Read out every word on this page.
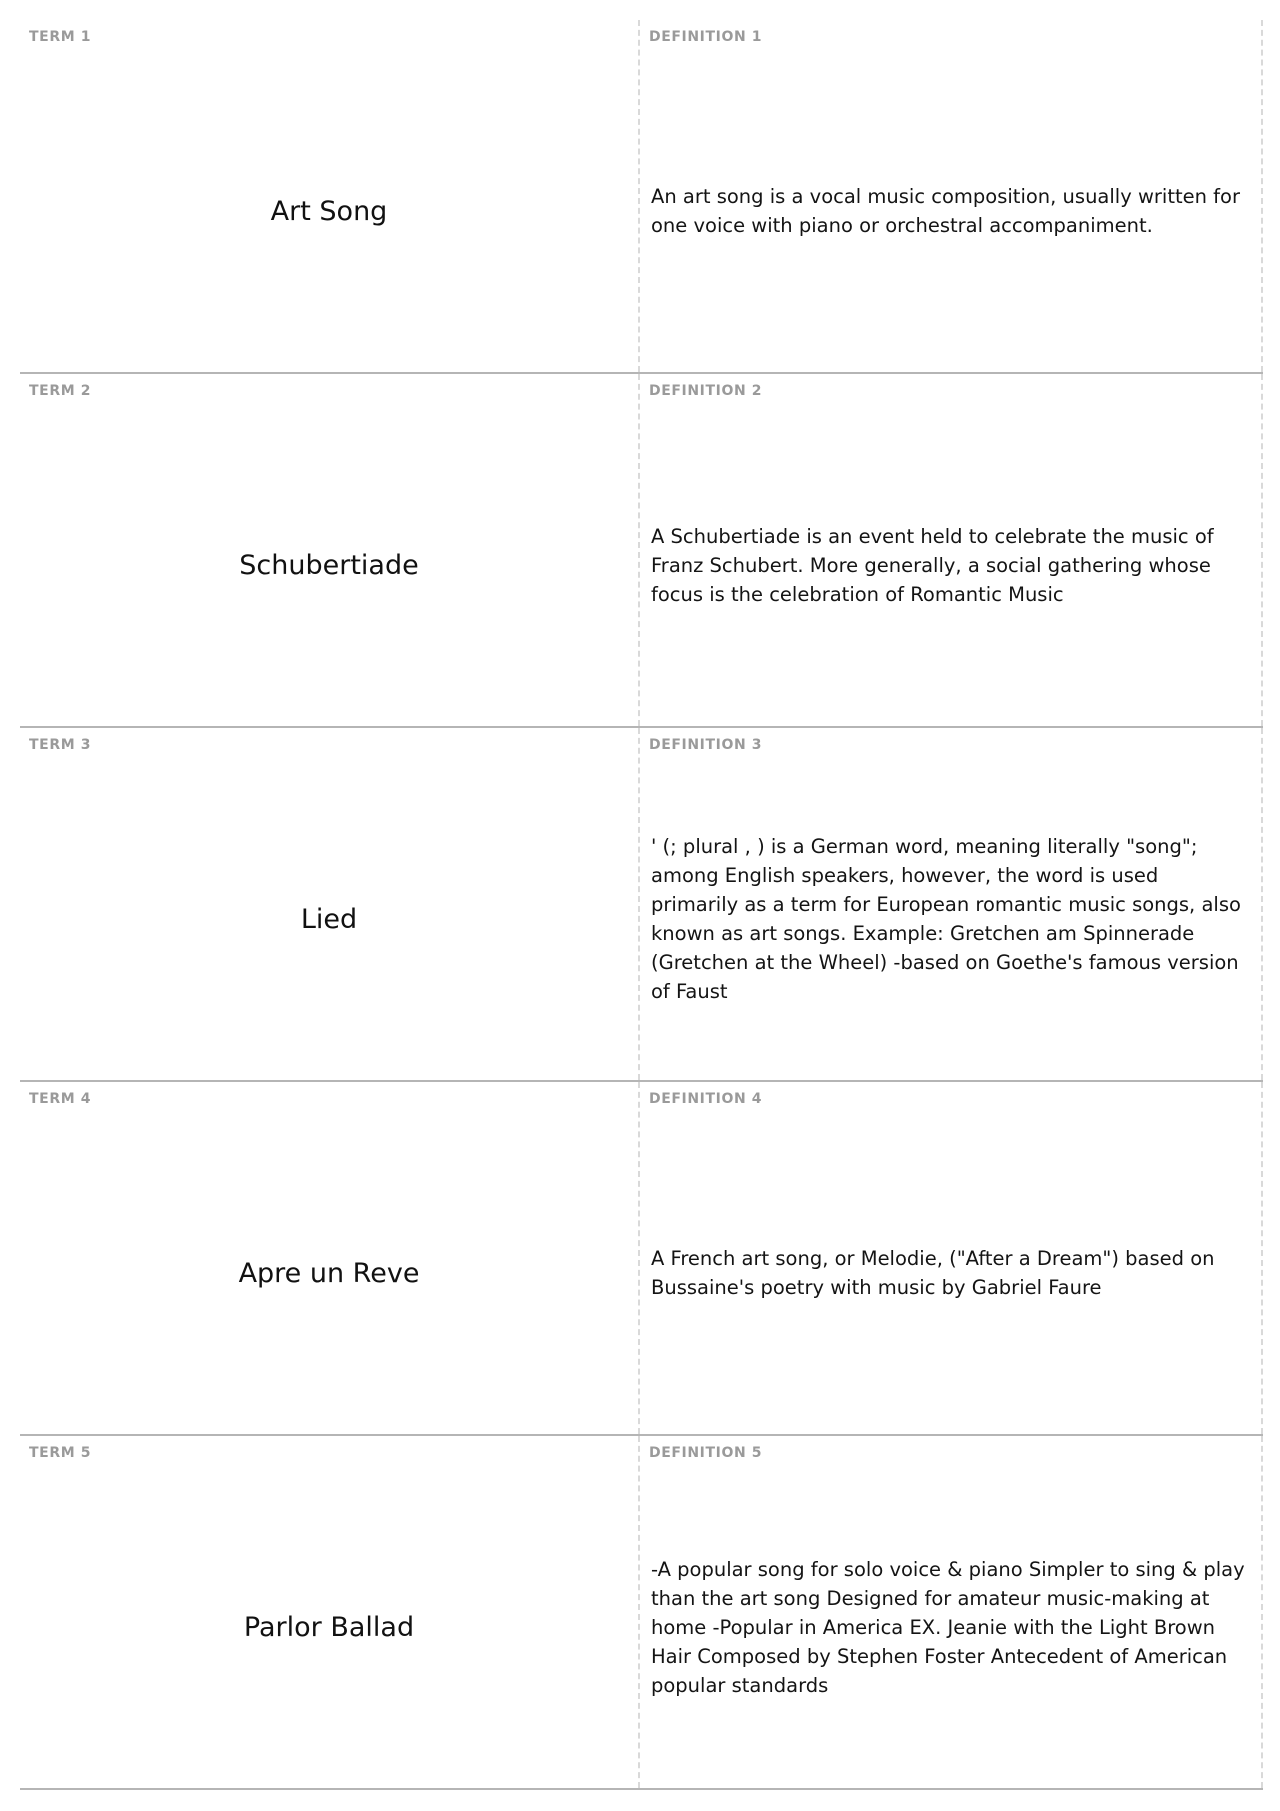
TERM 1
Art Song
DEFINITION 1
An art song is a vocal music composition, usually written for one voice with piano or orchestral accompaniment.
TERM 2
Schubertiade
DEFINITION 2
A Schubertiade is an event held to celebrate the music of Franz Schubert. More generally, a social gathering whose focus is the celebration of Romantic Music
TERM 3
Lied
DEFINITION 3
' (; plural , ) is a German word, meaning literally "song"; among English speakers, however, the word is used primarily as a term for European romantic music songs, also known as art songs. Example: Gretchen am Spinnerade (Gretchen at the Wheel) -based on Goethe's famous version of Faust
TERM 4
Apre un Reve
DEFINITION 4
A French art song, or Melodie, ("After a Dream") based on Bussaine's poetry with music by Gabriel Faure
TERM 5
Parlor Ballad
DEFINITION 5
-A popular song for solo voice & piano Simpler to sing & play than the art song Designed for amateur music-making at home -Popular in America EX. Jeanie with the Light Brown Hair Composed by Stephen Foster Antecedent of American popular standards
